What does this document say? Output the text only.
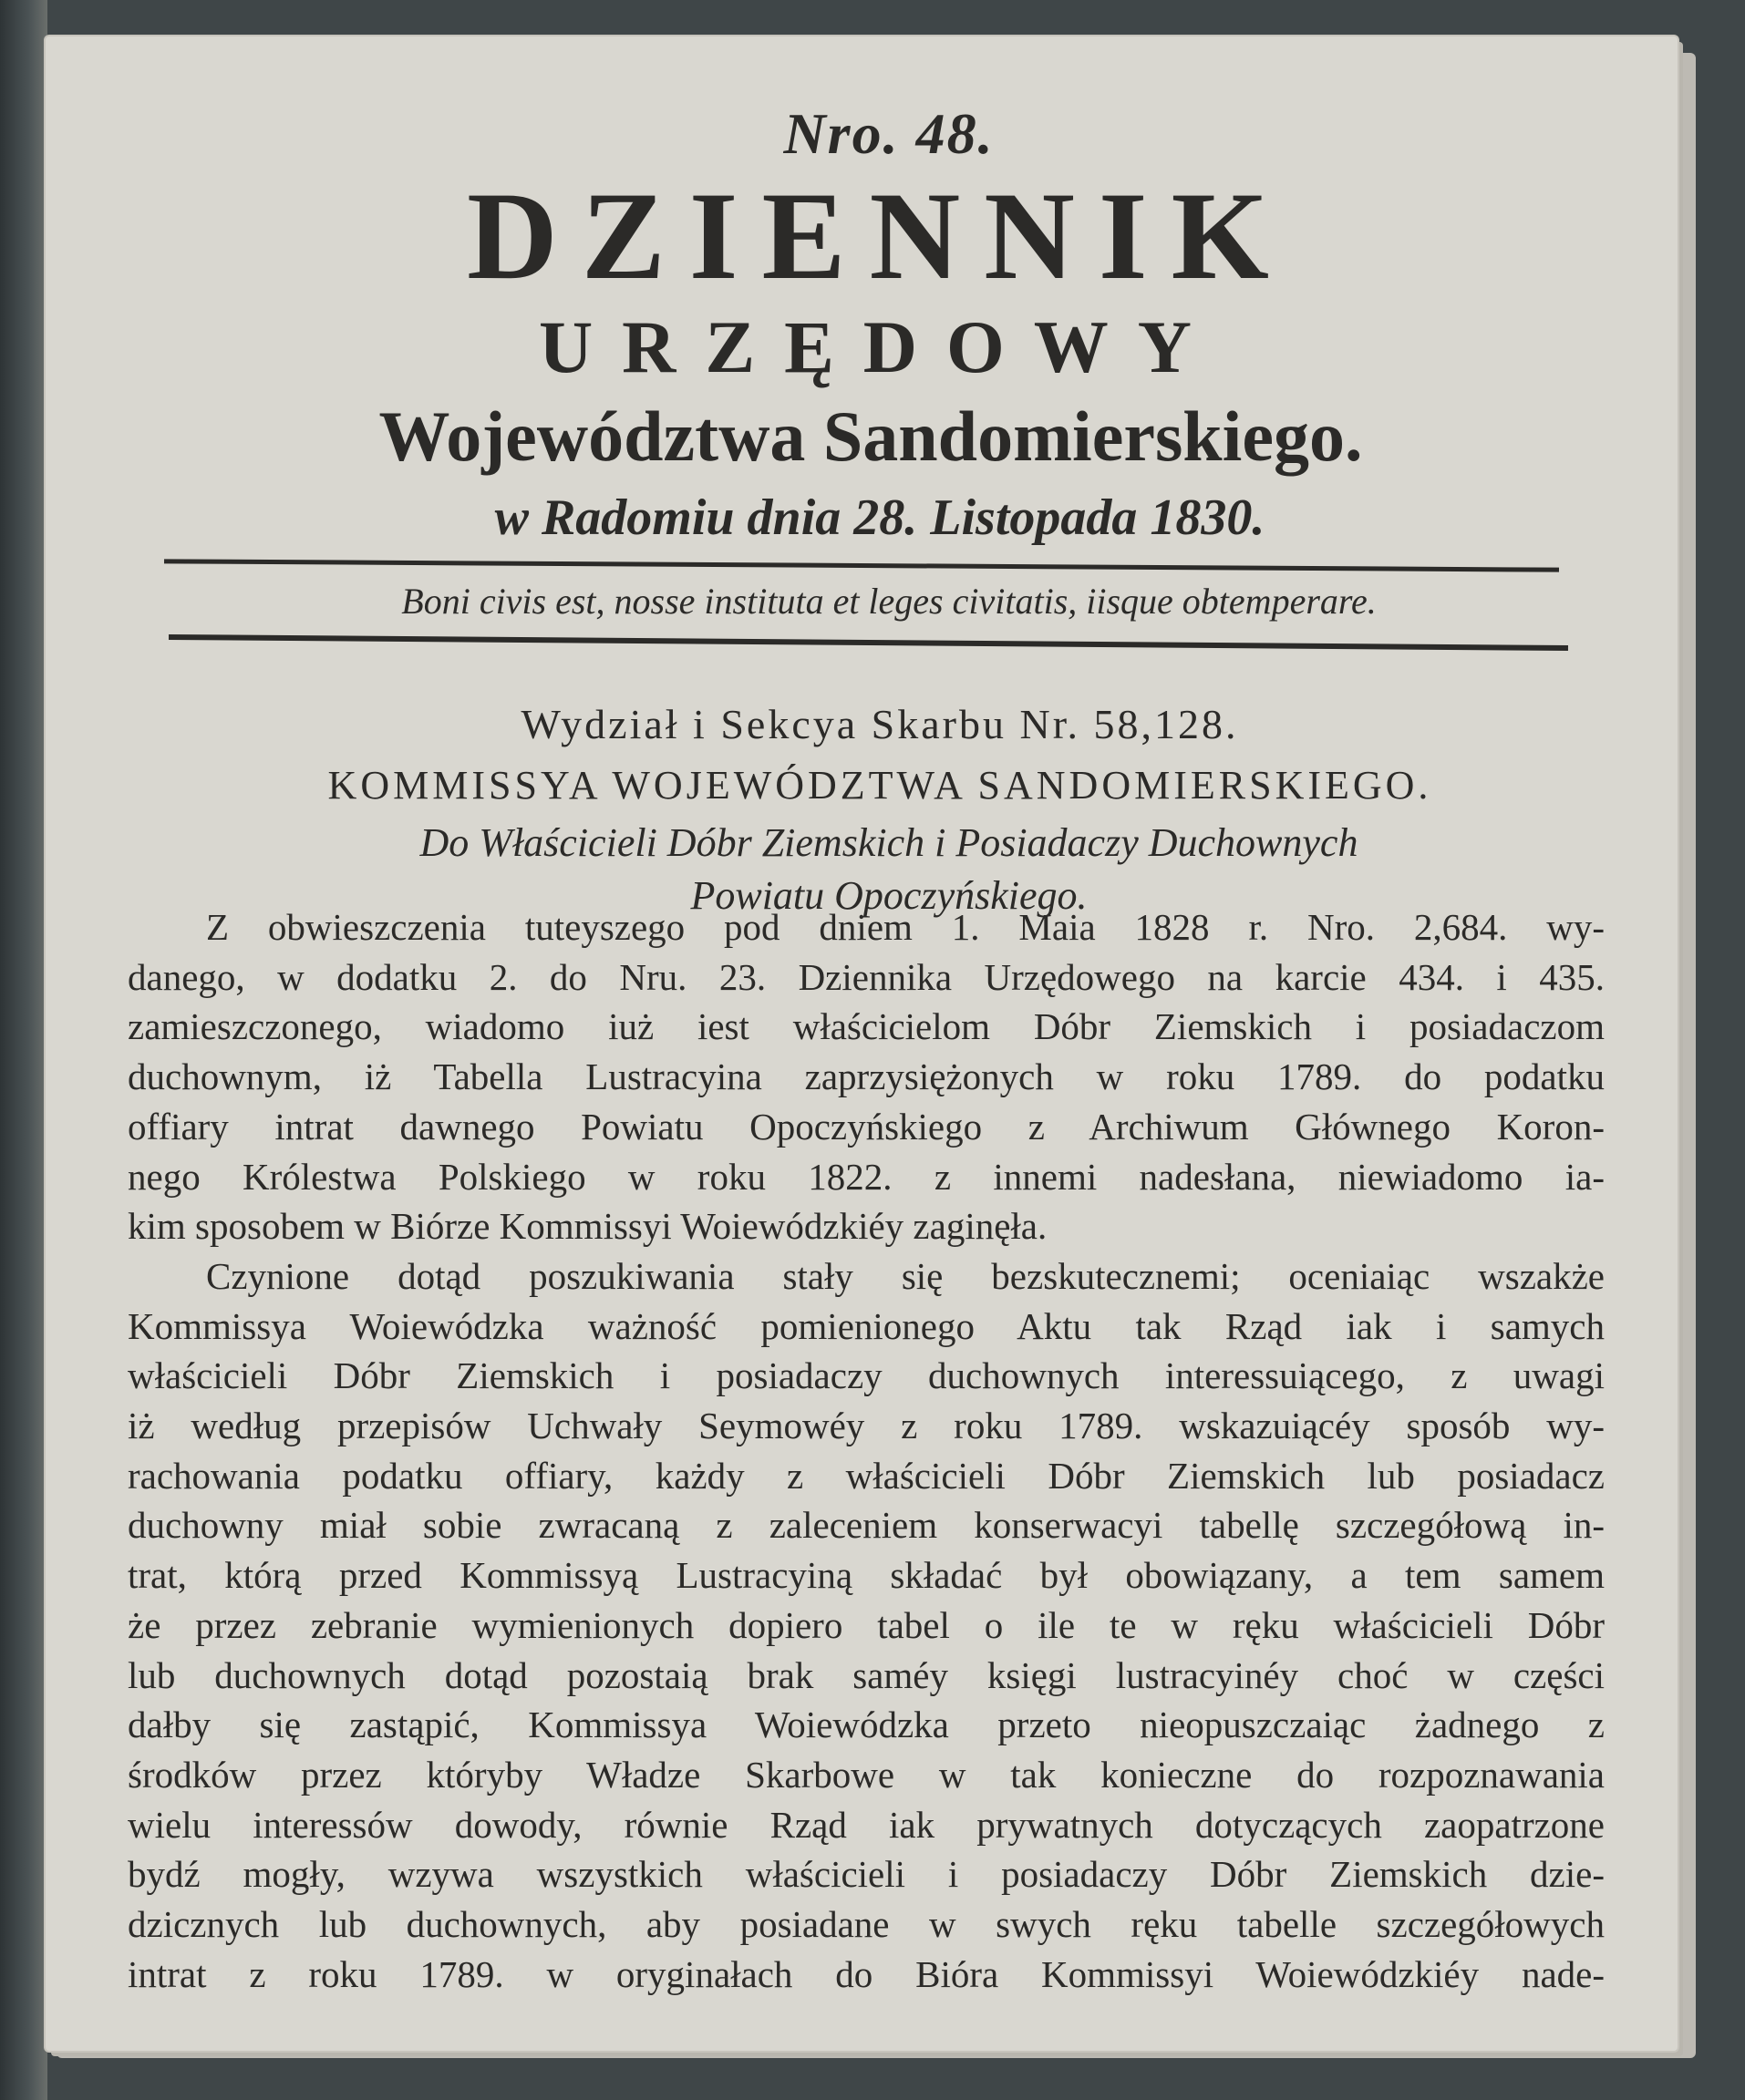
Nro. 48.
DZIENNIK
URZĘDOWY
Województwa Sandomierskiego.
w Radomiu dnia 28. Listopada 1830.
Boni civis est, nosse instituta et leges civitatis, iisque obtemperare.
Wydział i Sekcya Skarbu Nr. 58,128.
KOMMISSYA WOJEWÓDZTWA SANDOMIERSKIEGO.
Do Właścicieli Dóbr Ziemskich i Posiadaczy Duchownych
Powiatu Opoczyńskiego.
Z obwieszczenia tuteyszego pod dniem 1. Maia 1828 r. Nro. 2,684. wy-
danego, w dodatku 2. do Nru. 23. Dziennika Urzędowego na karcie 434. i 435.
zamieszczonego, wiadomo iuż iest właścicielom Dóbr Ziemskich i posiadaczom
duchownym, iż Tabella Lustracyina zaprzysiężonych w roku 1789. do podatku
offiary intrat dawnego Powiatu Opoczyńskiego z Archiwum Głównego Koron-
nego Królestwa Polskiego w roku 1822. z innemi nadesłana, niewiadomo ia-
kim sposobem w Biórze Kommissyi Woiewódzkiéy zaginęła.
Czynione dotąd poszukiwania stały się bezskutecznemi; oceniaiąc wszakże
Kommissya Woiewódzka ważność pomienionego Aktu tak Rząd iak i samych
właścicieli Dóbr Ziemskich i posiadaczy duchownych interessuiącego, z uwagi
iż według przepisów Uchwały Seymowéy z roku 1789. wskazuiącéy sposób wy-
rachowania podatku offiary, każdy z właścicieli Dóbr Ziemskich lub posiadacz
duchowny miał sobie zwracaną z zaleceniem konserwacyi tabellę szczegółową in-
trat, którą przed Kommissyą Lustracyiną składać był obowiązany, a tem samem
że przez zebranie wymienionych dopiero tabel o ile te w ręku właścicieli Dóbr
lub duchownych dotąd pozostaią brak saméy księgi lustracyinéy choć w części
dałby się zastąpić, Kommissya Woiewódzka przeto nieopuszczaiąc żadnego z
środków przez któryby Władze Skarbowe w tak konieczne do rozpoznawania
wielu interessów dowody, równie Rząd iak prywatnych dotyczących zaopatrzone
bydź mogły, wzywa wszystkich właścicieli i posiadaczy Dóbr Ziemskich dzie-
dzicznych lub duchownych, aby posiadane w swych ręku tabelle szczegółowych
intrat z roku 1789. w oryginałach do Bióra Kommissyi Woiewódzkiéy nade-
